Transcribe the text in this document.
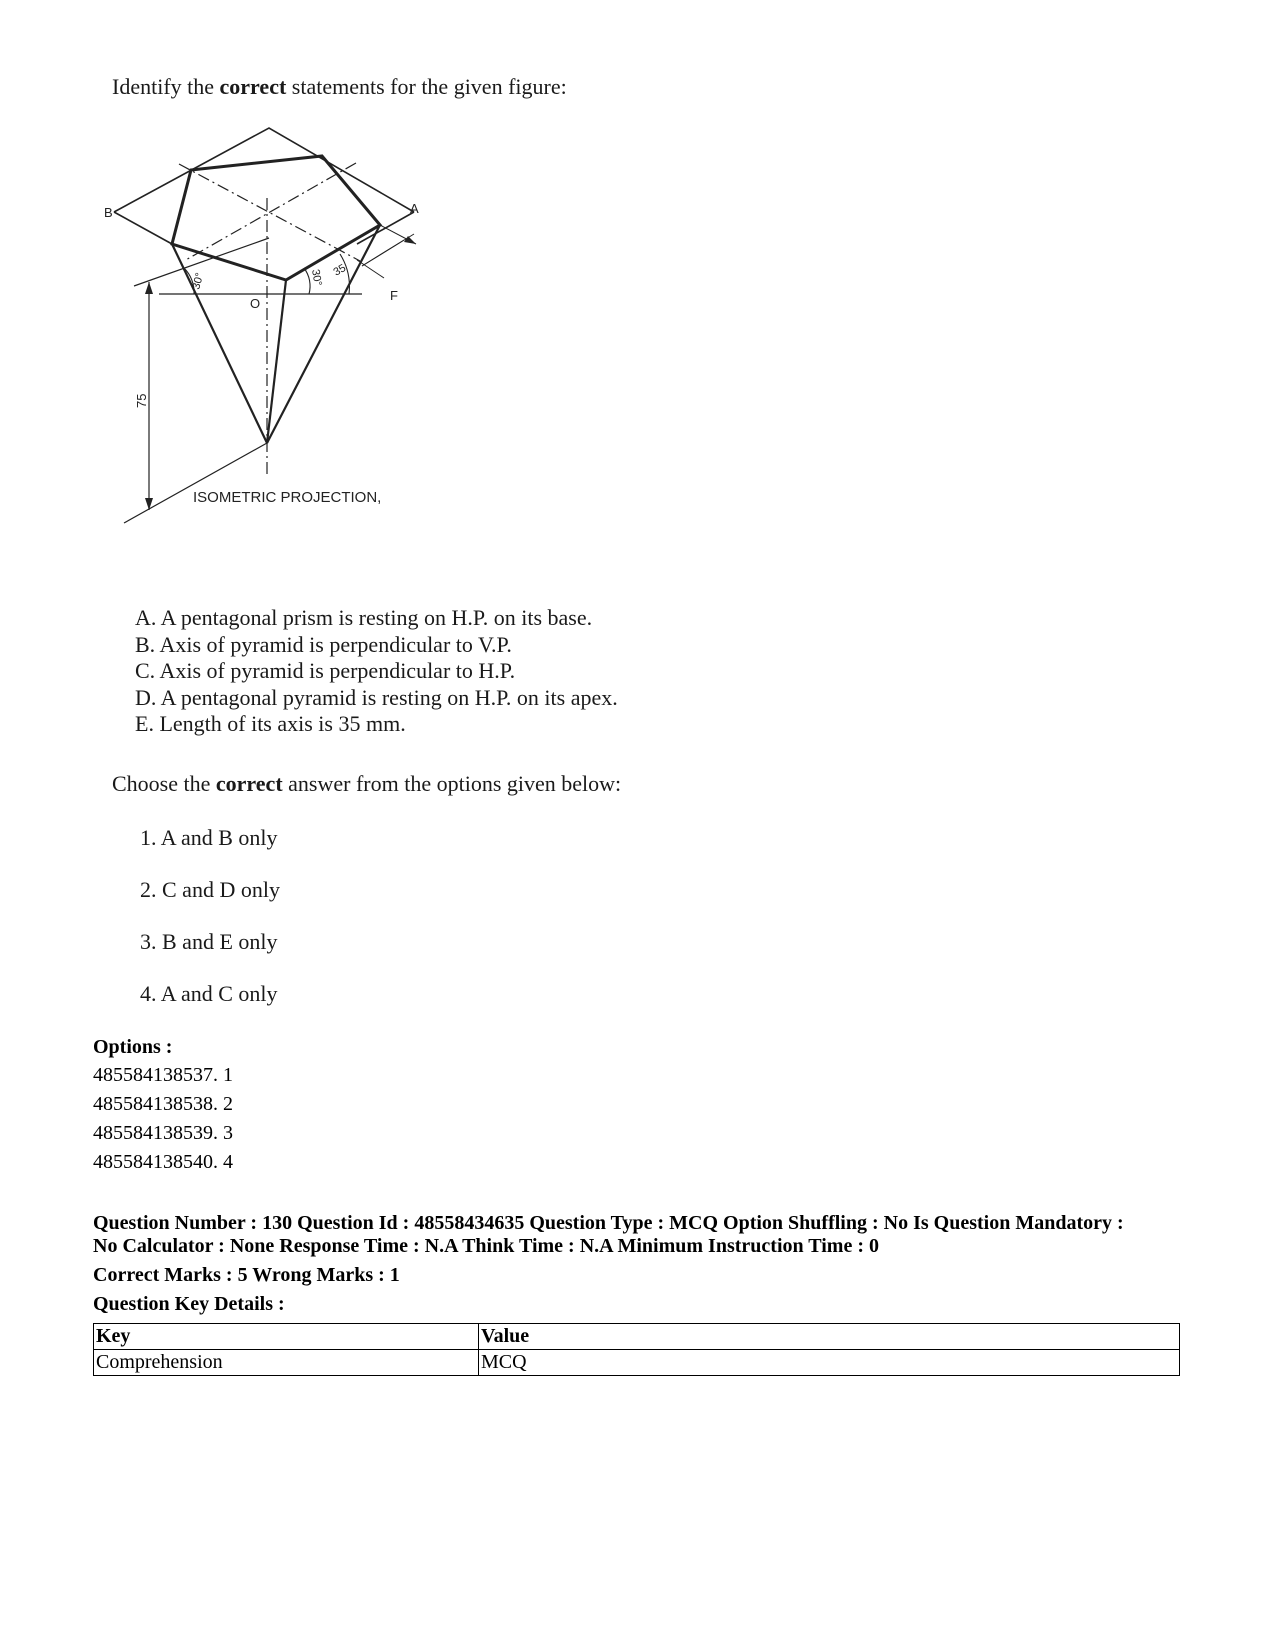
Identify the correct statements for the given figure:
B	A
O
F
30°	30° 35
75
ISOMETRIC PROJECTION,
A. A pentagonal prism is resting on H.P. on its base.
B. Axis of pyramid is perpendicular to V.P.
C. Axis of pyramid is perpendicular to H.P.
D. A pentagonal pyramid is resting on H.P. on its apex.
E. Length of its axis is 35 mm.
Choose the correct answer from the options given below:
1. A and B only
2. C and D only
3. B and E only
4. A and C only
Options :
485584138537. 1
485584138538. 2
485584138539. 3
485584138540. 4
Question Number : 130 Question Id : 48558434635 Question Type : MCQ Option Shuffling : No Is Question Mandatory :
No Calculator : None Response Time : N.A Think Time : N.A Minimum Instruction Time : 0
Correct Marks : 5 Wrong Marks : 1
Question Key Details :
Key	Value
Comprehension	MCQ
